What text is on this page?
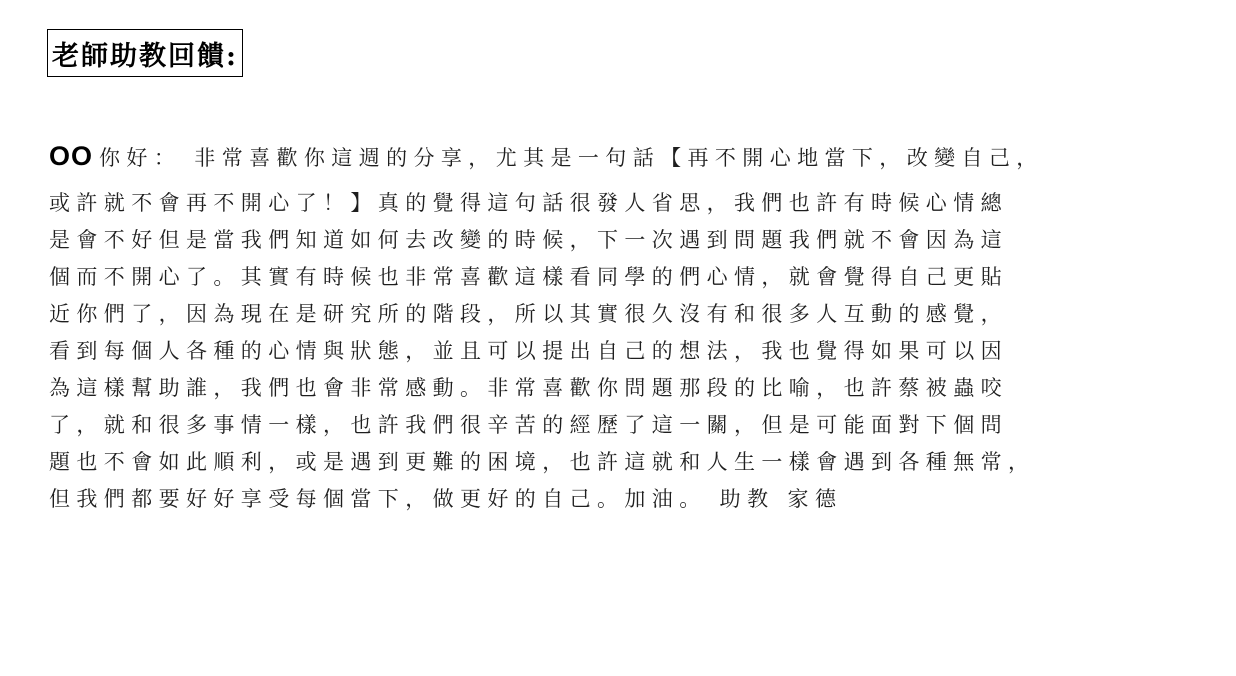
老師助教回饋:
OO 你好： 非常喜歡你這週的分享，尤其是一句話【再不開心地當下，改變自己，
或許就不會再不開心了！】真的覺得這句話很發人省思，我們也許有時候心情總
是會不好但是當我們知道如何去改變的時候，下一次遇到問題我們就不會因為這
個而不開心了。其實有時候也非常喜歡這樣看同學的們心情，就會覺得自己更貼
近你們了，因為現在是研究所的階段，所以其實很久沒有和很多人互動的感覺，
看到每個人各種的心情與狀態，並且可以提出自己的想法，我也覺得如果可以因
為這樣幫助誰，我們也會非常感動。非常喜歡你問題那段的比喻，也許蔡被蟲咬
了，就和很多事情一樣，也許我們很辛苦的經歷了這一關，但是可能面對下個問
題也不會如此順利，或是遇到更難的困境，也許這就和人生一樣會遇到各種無常，
但我們都要好好享受每個當下，做更好的自己。加油。 助教 家德
